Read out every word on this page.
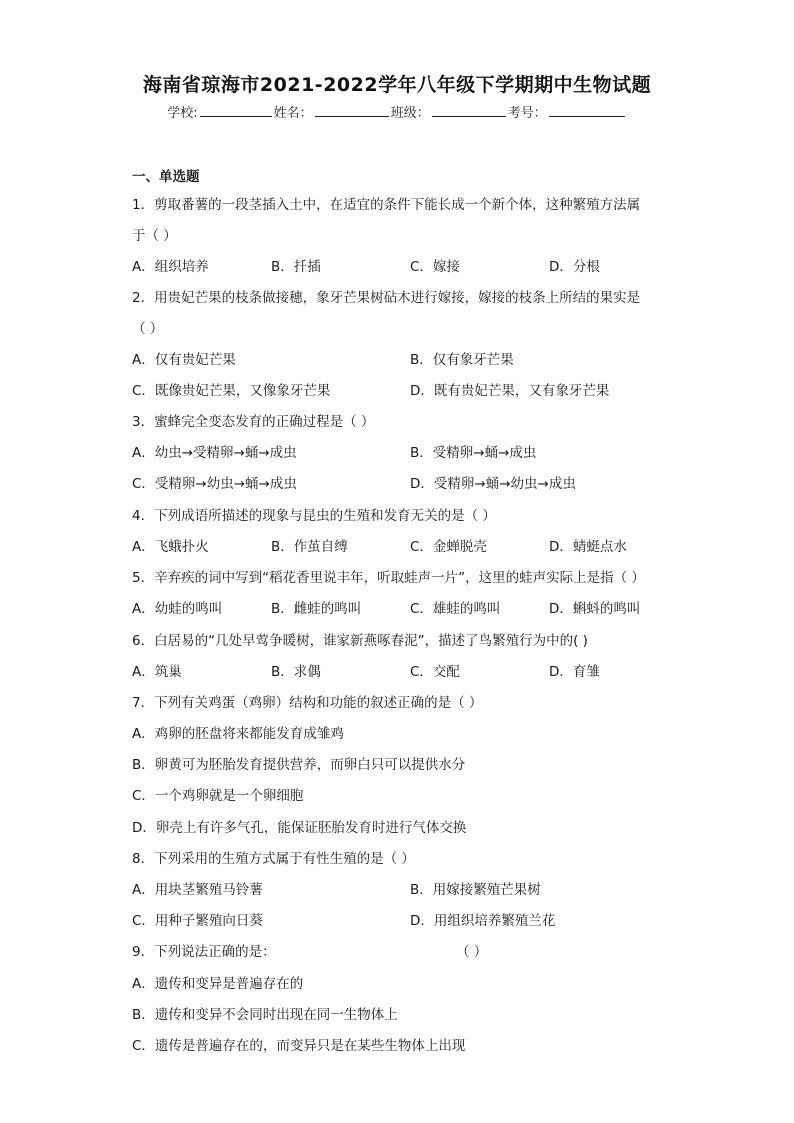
海南省琼海市2021-2022学年八年级下学期期中生物试题
学校:	姓名：	班级：	考号：
一、单选题
1．剪取番薯的一段茎插入土中，在适宜的条件下能长成一个新个体，这种繁殖方法属
于（ ）
A．组织培养	B．扦插	C．嫁接	D．分根
2．用贵妃芒果的枝条做接穗，象牙芒果树砧木进行嫁接，嫁接的枝条上所结的果实是
（ ）
A．仅有贵妃芒果	B．仅有象牙芒果
C．既像贵妃芒果，又像象牙芒果	D．既有贵妃芒果，又有象牙芒果
3．蜜蜂完全变态发育的正确过程是（ ）
A．幼虫→受精卵→蛹→成虫	B．受精卵→蛹→成虫
C．受精卵→幼虫→蛹→成虫	D．受精卵→蛹→幼虫→成虫
4．下列成语所描述的现象与昆虫的生殖和发育无关的是（ ）
A．飞蛾扑火	B．作茧自缚	C．金蝉脱壳	D．蜻蜓点水
5．辛弃疾的词中写到“稻花香里说丰年，听取蛙声一片”，这里的蛙声实际上是指（ ）
A．幼蛙的鸣叫	B．雌蛙的鸣叫	C．雄蛙的鸣叫	D．蝌蚪的鸣叫
6．白居易的“几处早莺争暖树，谁家新燕啄春泥”，描述了鸟繁殖行为中的( )
A．筑巢	B．求偶	C．交配	D．育雏
7．下列有关鸡蛋（鸡卵）结构和功能的叙述正确的是（ ）
A．鸡卵的胚盘将来都能发育成雏鸡
B．卵黄可为胚胎发育提供营养，而卵白只可以提供水分
C．一个鸡卵就是一个卵细胞
D．卵壳上有许多气孔，能保证胚胎发育时进行气体交换
8．下列采用的生殖方式属于有性生殖的是（ ）
A．用块茎繁殖马铃薯	B．用嫁接繁殖芒果树
C．用种子繁殖向日葵	D．用组织培养繁殖兰花
9．下列说法正确的是：	（ ）
A．遗传和变异是普遍存在的
B．遗传和变异不会同时出现在同一生物体上
C．遗传是普遍存在的，而变异只是在某些生物体上出现
